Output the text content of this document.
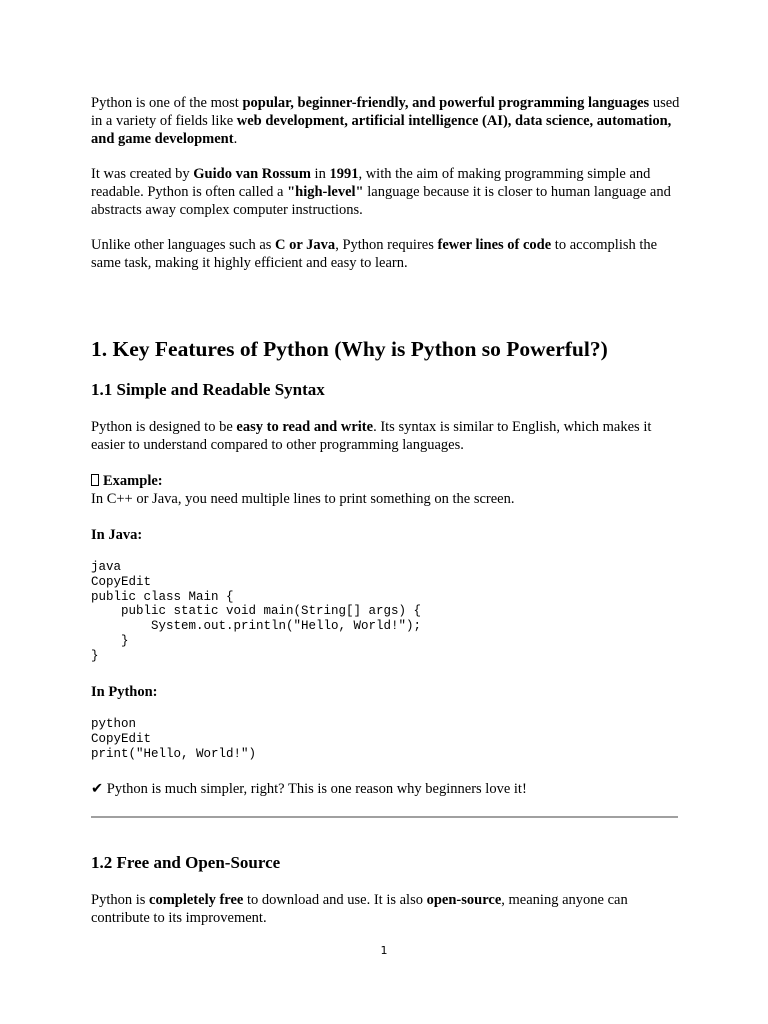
Python is one of the most popular, beginner-friendly, and powerful programming languages used in a variety of fields like web development, artificial intelligence (AI), data science, automation, and game development.

It was created by Guido van Rossum in 1991, with the aim of making programming simple and readable. Python is often called a "high-level" language because it is closer to human language and abstracts away complex computer instructions.

Unlike other languages such as C or Java, Python requires fewer lines of code to accomplish the same task, making it highly efficient and easy to learn.

1. Key Features of Python (Why is Python so Powerful?)
1.1 Simple and Readable Syntax

Python is designed to be easy to read and write. Its syntax is similar to English, which makes it easier to understand compared to other programming languages.

Example:

In C++ or Java, you need multiple lines to print something on the screen.

In Java:

java
CopyEdit
public class Main {
public static void main(String[] args) {
System.out.println("Hello, World!");
}
}

In Python:

python
CopyEdit
print("Hello, World!")

✔ Python is much simpler, right? This is one reason why beginners love it!

1.2 Free and Open-Source

Python is completely free to download and use. It is also open-source, meaning anyone can contribute to its improvement.

1
